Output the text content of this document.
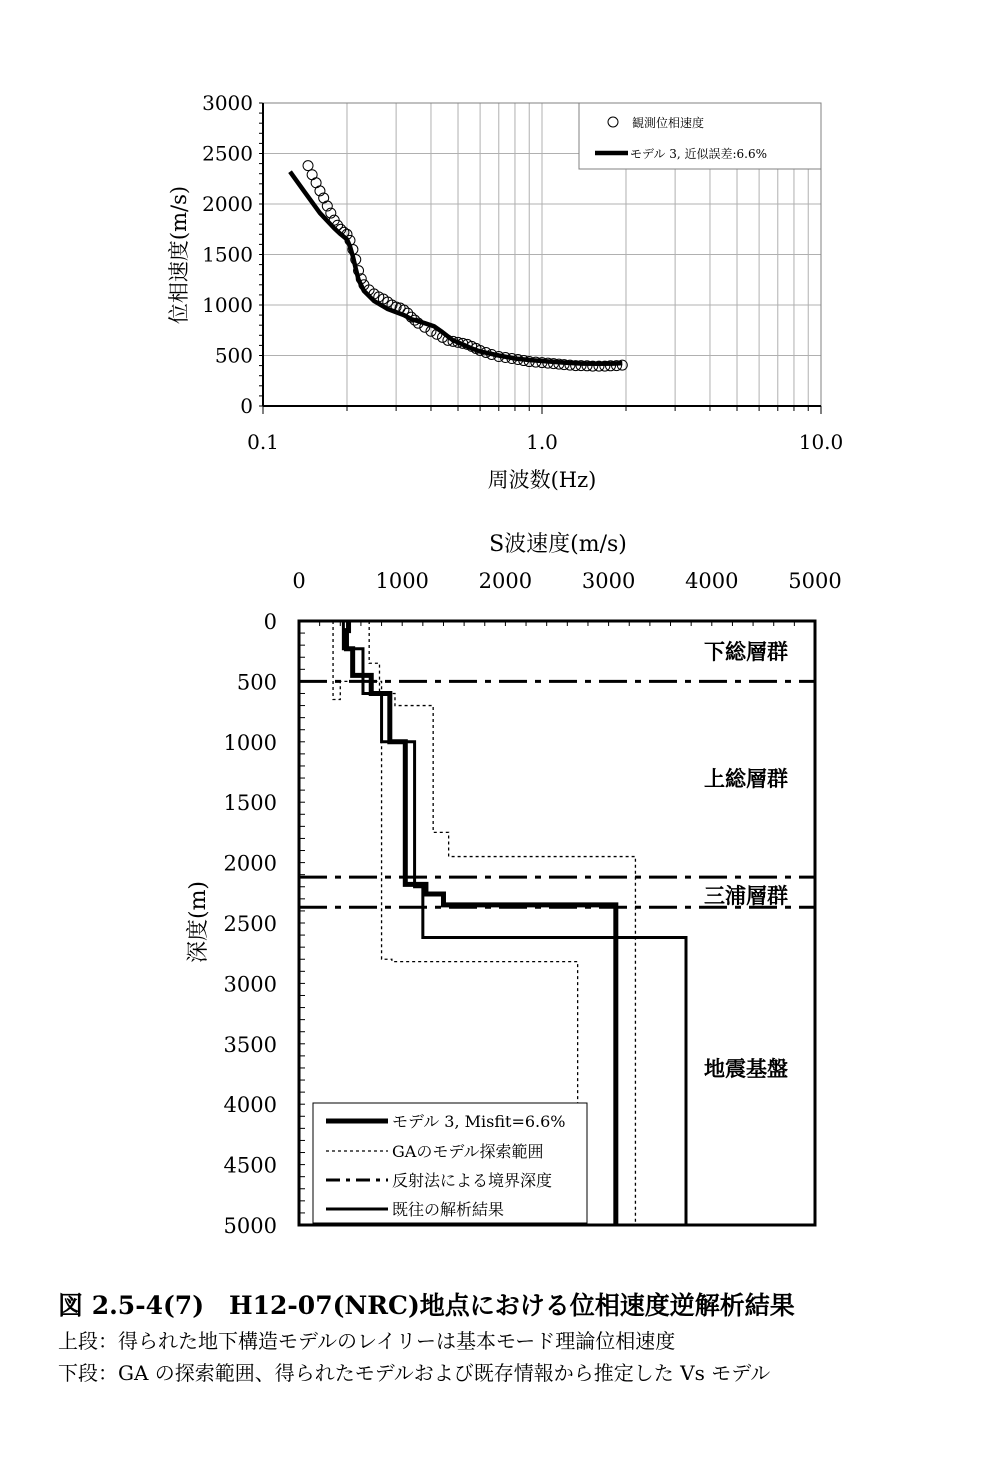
0
500
1000
1500
2000
2500
3000
0.1	1.0	10.0
周波数(Hz)
位相速度(m/s)
観測位相速度
モデル 3, 近似誤差:6.6%
0	1000 2000 3000 4000 5000
0
500
1000
1500
2000
2500
3000
3500
4000
4500
5000
S波速度(m/s)
深度(m)
下総層群
上総層群
三浦層群
地震基盤
モデル 3, Misfit=6.6%
GAのモデル探索範囲
反射法による境界深度
既往の解析結果
図 2.5-4(7)　H12-07(NRC)地点における位相速度逆解析結果
上段：得られた地下構造モデルのレイリーは基本モード理論位相速度
下段：GA の探索範囲、得られたモデルおよび既存情報から推定した Vs モデル
